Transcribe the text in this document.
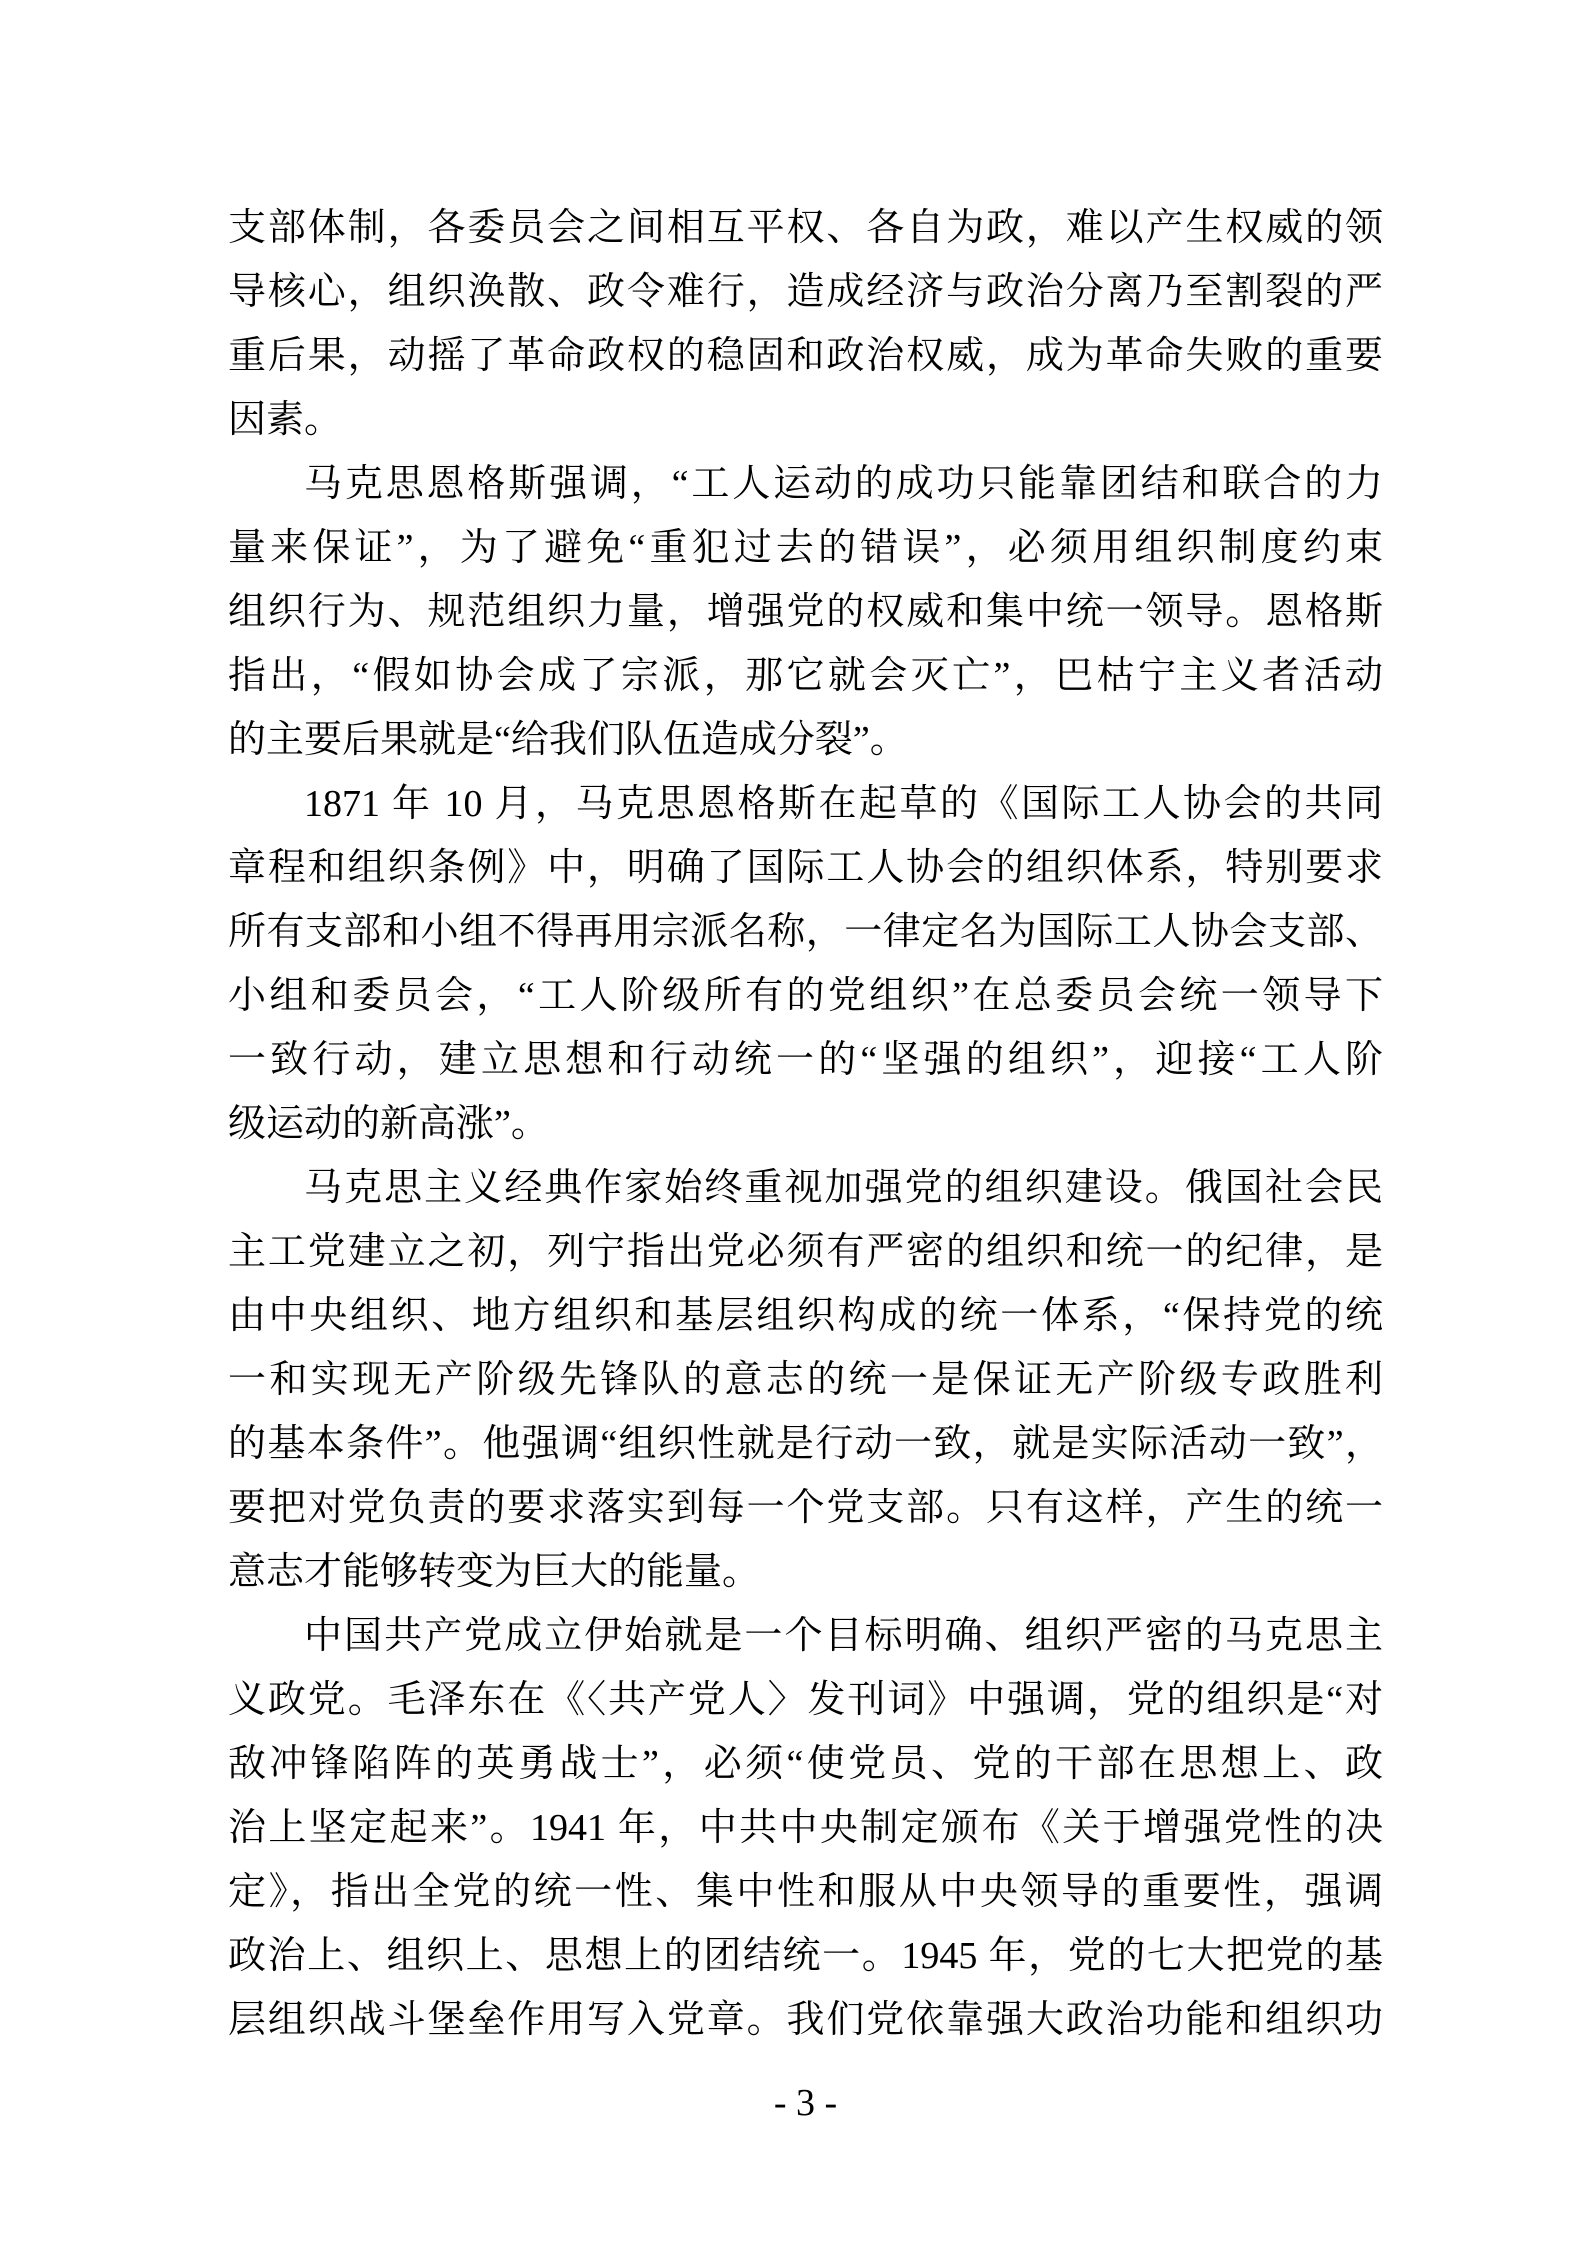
支部体制，各委员会之间相互平权、各自为政，难以产生权威的领
导核心，组织涣散、政令难行，造成经济与政治分离乃至割裂的严
重后果，动摇了革命政权的稳固和政治权威，成为革命失败的重要
因素。
马克思恩格斯强调，“工人运动的成功只能靠团结和联合的力
量来保证”，为了避免“重犯过去的错误”，必须用组织制度约束
组织行为、规范组织力量，增强党的权威和集中统一领导。恩格斯
指出，“假如协会成了宗派，那它就会灭亡”，巴枯宁主义者活动
的主要后果就是“给我们队伍造成分裂”。
1871 年 10 月，马克思恩格斯在起草的《国际工人协会的共同
章程和组织条例》中，明确了国际工人协会的组织体系，特别要求
所有支部和小组不得再用宗派名称，一律定名为国际工人协会支部、
小组和委员会，“工人阶级所有的党组织”在总委员会统一领导下
一致行动，建立思想和行动统一的“坚强的组织”，迎接“工人阶
级运动的新高涨”。
马克思主义经典作家始终重视加强党的组织建设。俄国社会民
主工党建立之初，列宁指出党必须有严密的组织和统一的纪律，是
由中央组织、地方组织和基层组织构成的统一体系，“保持党的统
一和实现无产阶级先锋队的意志的统一是保证无产阶级专政胜利
的基本条件”。他强调“组织性就是行动一致，就是实际活动一致”，
要把对党负责的要求落实到每一个党支部。只有这样，产生的统一
意志才能够转变为巨大的能量。
中国共产党成立伊始就是一个目标明确、组织严密的马克思主
义政党。毛泽东在《〈共产党人〉发刊词》中强调，党的组织是“对
敌冲锋陷阵的英勇战士”，必须“使党员、党的干部在思想上、政
治上坚定起来”。1941 年，中共中央制定颁布《关于增强党性的决
定》，指出全党的统一性、集中性和服从中央领导的重要性，强调
政治上、组织上、思想上的团结统一。1945 年，党的七大把党的基
层组织战斗堡垒作用写入党章。我们党依靠强大政治功能和组织功
- 3 -
